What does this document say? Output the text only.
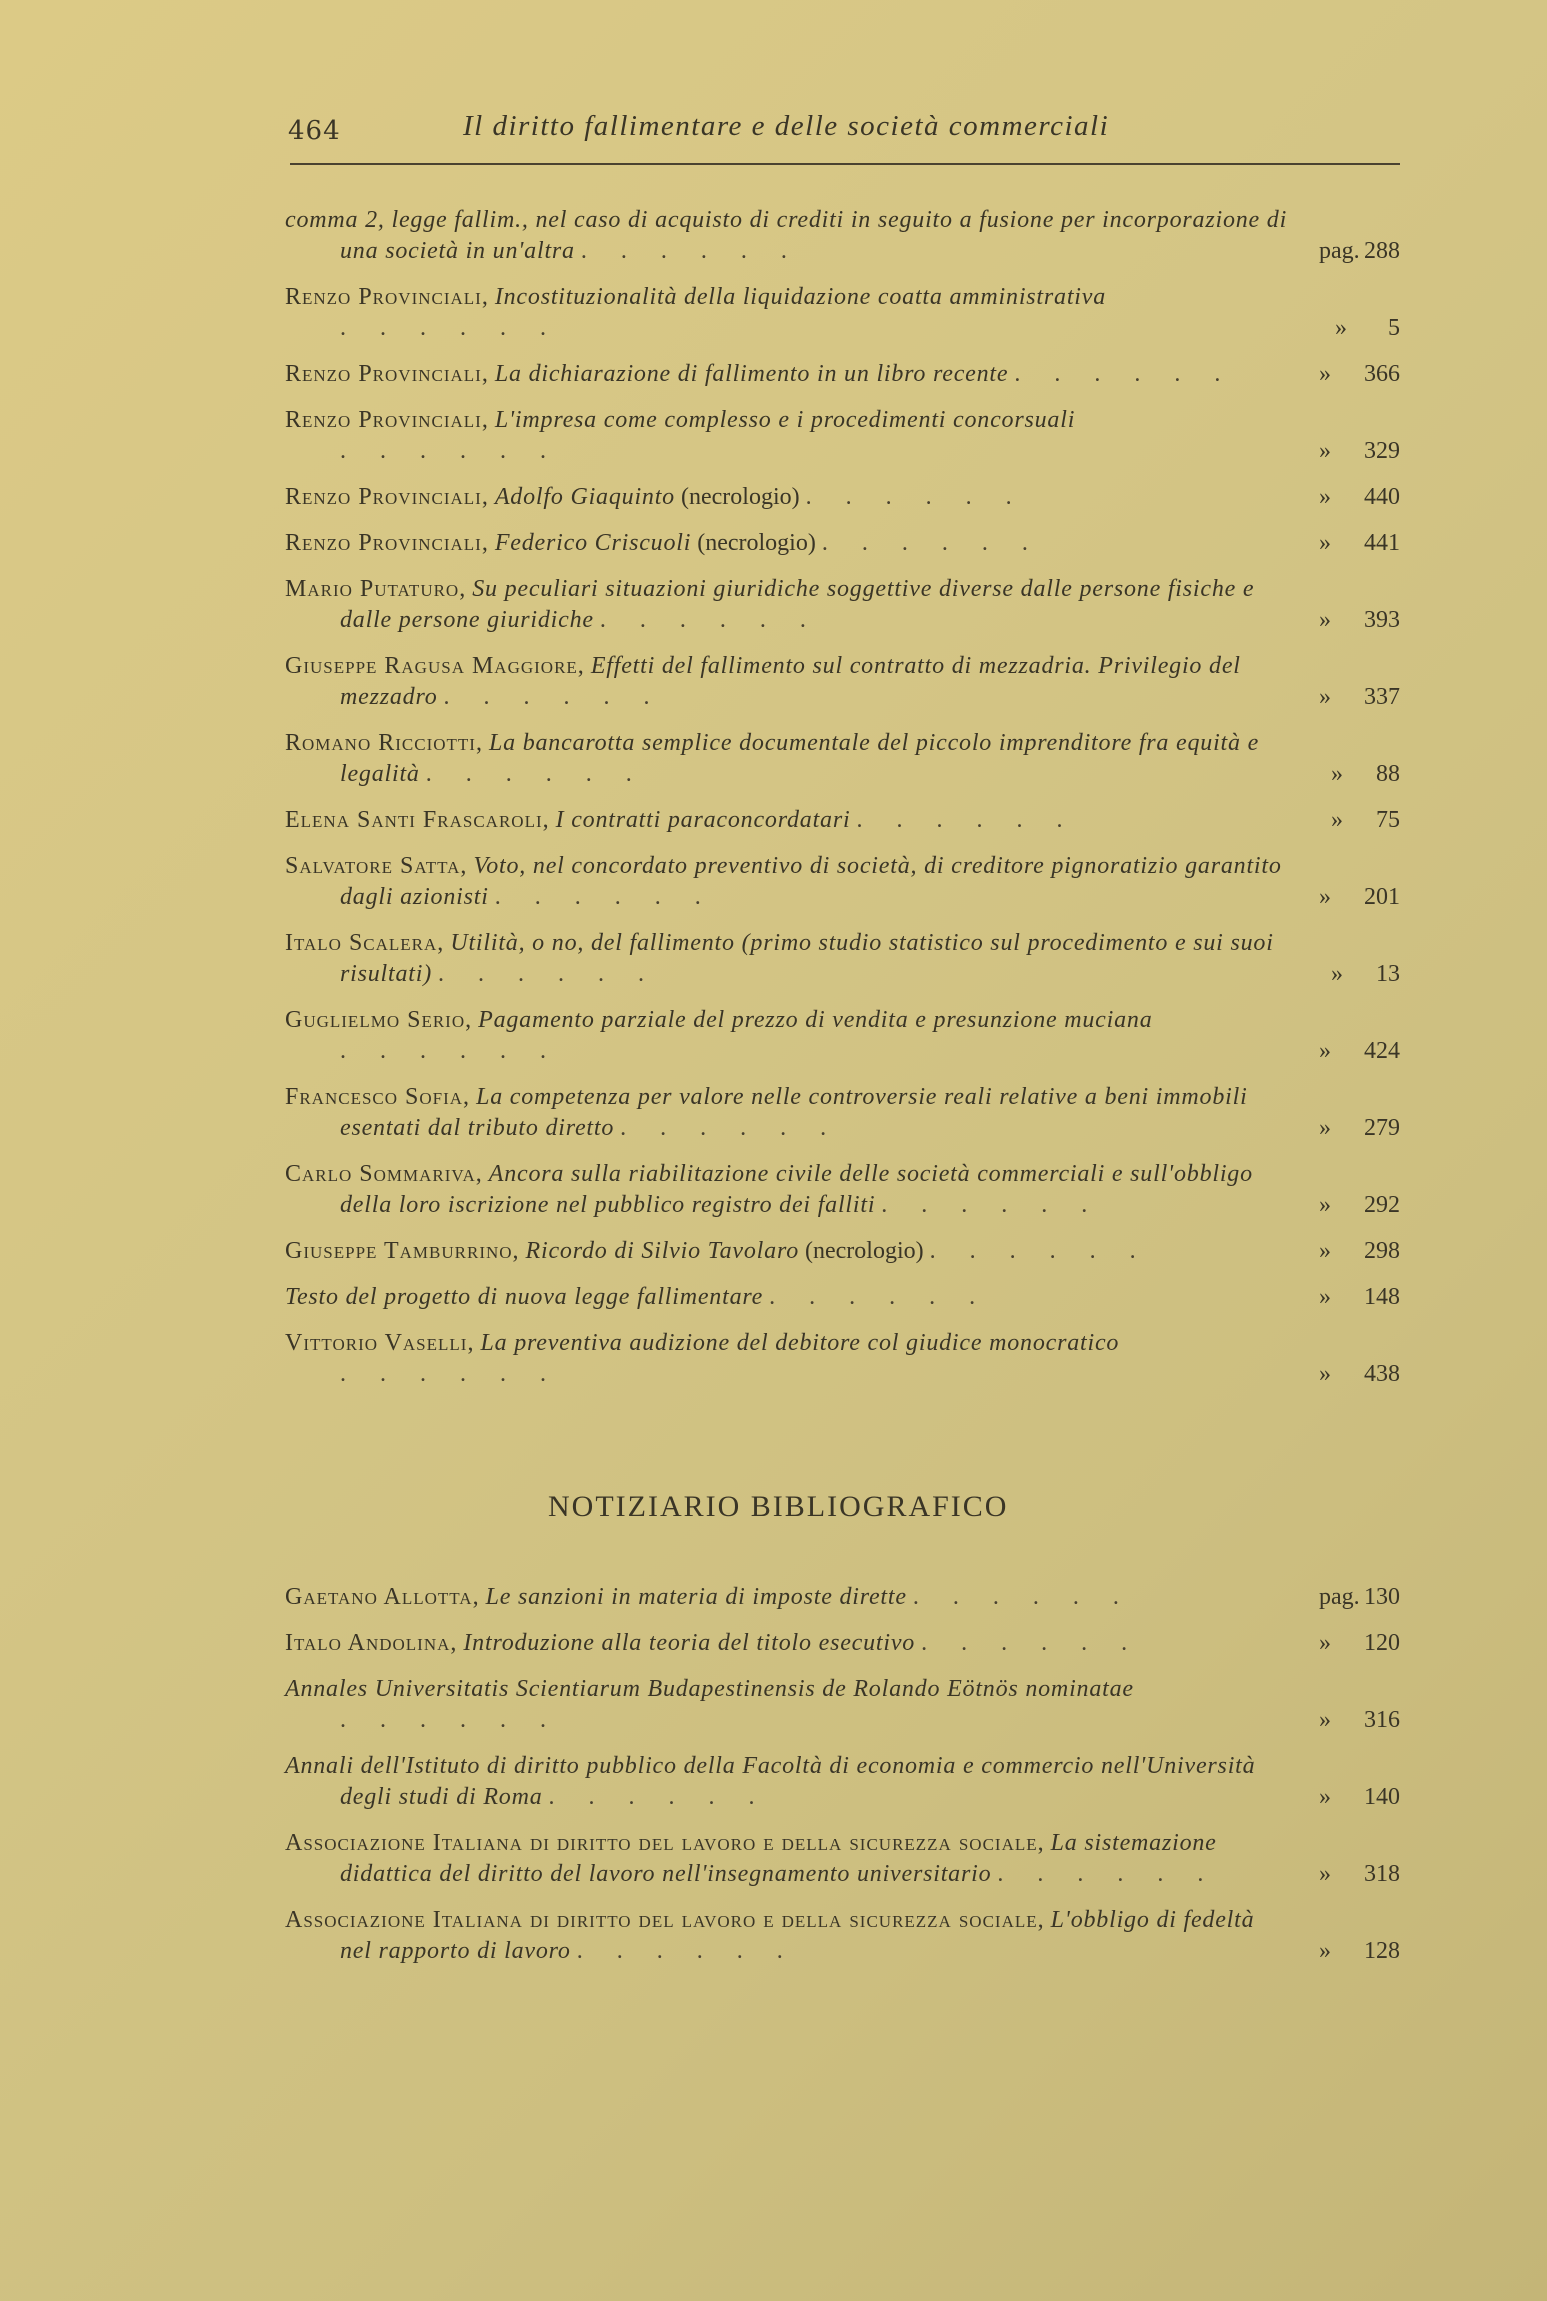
464	Il diritto fallimentare e delle società commerciali
comma 2, legge fallim., nel caso di acquisto di crediti in seguito a fusione per incorporazione di una società in un'altra . . . . . .	pag. 288
Renzo Provinciali, Incostituzionalità della liquidazione coatta amministrativa . . . . . .	»	5
Renzo Provinciali, La dichiarazione di fallimento in un libro recente . . . . . .	»	366
Renzo Provinciali, L'impresa come complesso e i procedimenti concorsuali . . . . . .	»	329
Renzo Provinciali, Adolfo Giaquinto (necrologio) . . . . . .	»	440
Renzo Provinciali, Federico Criscuoli (necrologio) . . . . . .	»	441
Mario Putaturo, Su peculiari situazioni giuridiche soggettive diverse dalle persone fisiche e dalle persone giuridiche . . . . . .	»	393
Giuseppe Ragusa Maggiore, Effetti del fallimento sul contratto di mezzadria. Privilegio del mezzadro . . . . . .	»	337
Romano Ricciotti, La bancarotta semplice documentale del piccolo imprenditore fra equità e legalità . . . . . .	»	88
Elena Santi Frascaroli, I contratti paraconcordatari . . . . . .	»	75
Salvatore Satta, Voto, nel concordato preventivo di società, di creditore pignoratizio garantito dagli azionisti . . . . . .	»	201
Italo Scalera, Utilità, o no, del fallimento (primo studio statistico sul procedimento e sui suoi risultati) . . . . . .	»	13
Guglielmo Serio, Pagamento parziale del prezzo di vendita e presunzione muciana . . . . . .	»	424
Francesco Sofia, La competenza per valore nelle controversie reali relative a beni immobili esentati dal tributo diretto . . . . . .	»	279
Carlo Sommariva, Ancora sulla riabilitazione civile delle società commerciali e sull'obbligo della loro iscrizione nel pubblico registro dei falliti . . . . . .	»	292
Giuseppe Tamburrino, Ricordo di Silvio Tavolaro (necrologio) . . . . . .	»	298
Testo del progetto di nuova legge fallimentare . . . . . .	»	148
Vittorio Vaselli, La preventiva audizione del debitore col giudice monocratico . . . . . .	»	438
NOTIZIARIO BIBLIOGRAFICO
Gaetano Allotta, Le sanzioni in materia di imposte dirette . . . . . .	pag. 130
Italo Andolina, Introduzione alla teoria del titolo esecutivo . . . . . .	»	120
Annales Universitatis Scientiarum Budapestinensis de Rolando Eötnös nominatae . . . . . .	»	316
Annali dell'Istituto di diritto pubblico della Facoltà di economia e commercio nell'Università degli studi di Roma . . . . . .	»	140
Associazione Italiana di diritto del lavoro e della sicurezza sociale, La sistemazione didattica del diritto del lavoro nell'insegnamento universitario . . . . . .	»	318
Associazione Italiana di diritto del lavoro e della sicurezza sociale, L'obbligo di fedeltà nel rapporto di lavoro . . . . . .	»	128
